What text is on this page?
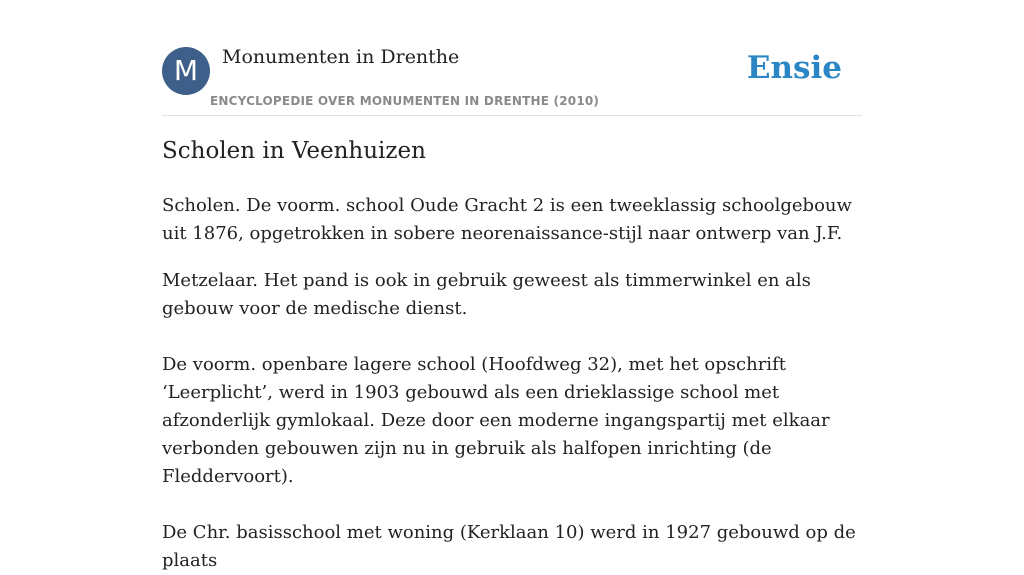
M	Monumenten in Drenthe
ENCYCLOPEDIE OVER MONUMENTEN IN DRENTHE (2010)
Ensie
Scholen in Veenhuizen

Scholen. De voorm. school Oude Gracht 2 is een tweeklassig schoolgebouw uit 1876, opgetrokken in sobere neorenaissance-stijl naar ontwerp van J.F.

Metzelaar. Het pand is ook in gebruik geweest als timmerwinkel en als gebouw voor de medische dienst.

De voorm. openbare lagere school (Hoofdweg 32), met het opschrift ‘Leerplicht’, werd in 1903 gebouwd als een drieklassige school met afzonderlijk gymlokaal. Deze door een moderne ingangspartij met elkaar verbonden gebouwen zijn nu in gebruik als halfopen inrichting (de Fleddervoort).

De Chr. basisschool met woning (Kerklaan 10) werd in 1927 gebouwd op de plaats
